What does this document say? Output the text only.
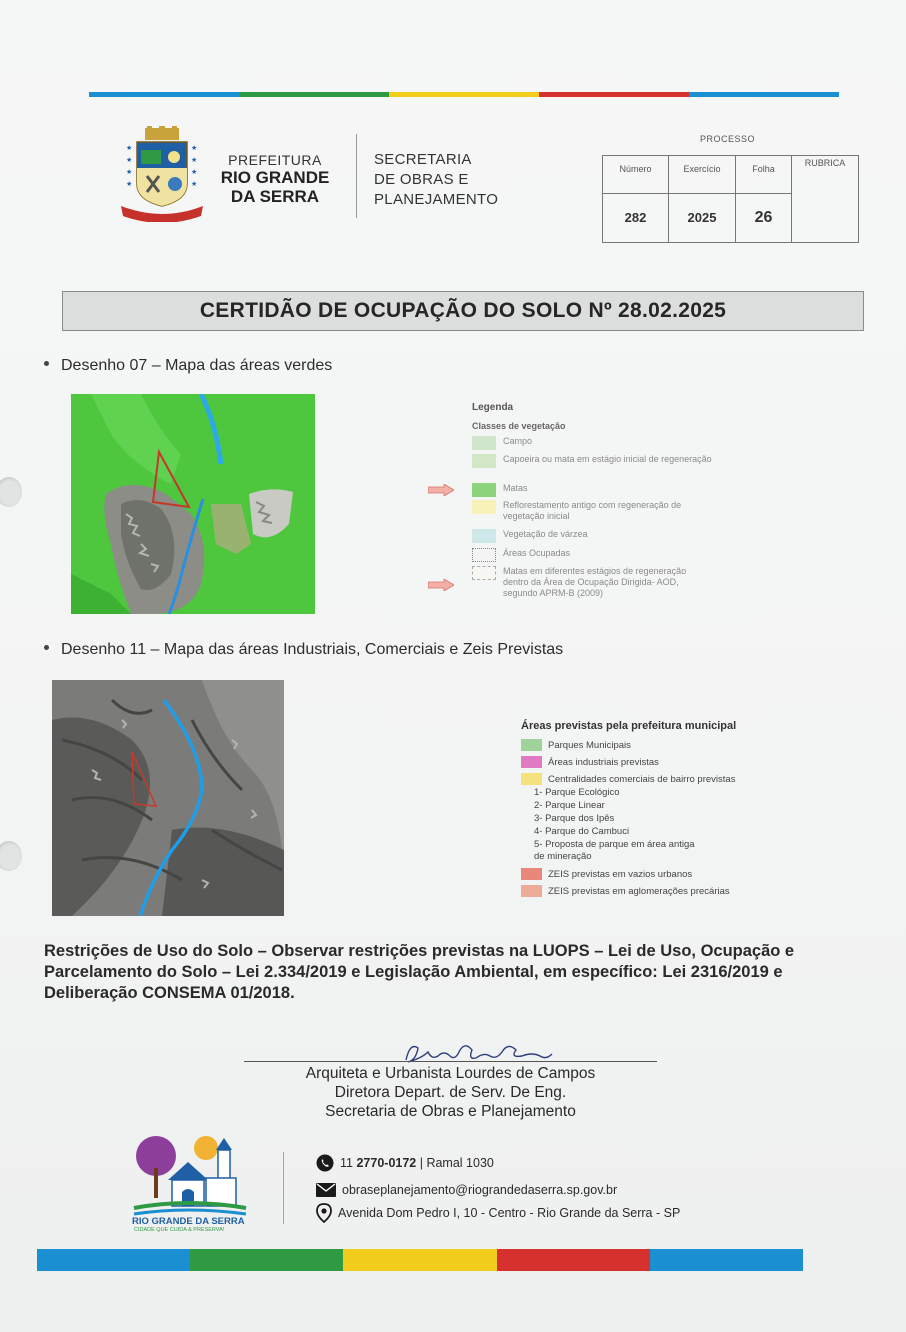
★
★
★
★
★
★
★
★
PREFEITURA
RIO GRANDE
DA SERRA
SECRETARIA
DE OBRAS E
PLANEJAMENTO
PROCESSO
Número	Exercício	Folha	RUBRICA
282	2025	26	
CERTIDÃO DE OCUPAÇÃO DO SOLO Nº 28.02.2025
Desenho 07 – Mapa das áreas verdes
Legenda
Classes de vegetação
Campo
Capoeira ou mata em estágio inicial de regeneração
Matas
Reflorestamento antigo com regeneração de vegetação inicial
Vegetação de várzea
Áreas Ocupadas
Matas em diferentes estágios de regeneração dentro da Área de Ocupação Dirigida- AOD, segundo APRM-B (2009)
Desenho 11 – Mapa das áreas Industriais, Comerciais e Zeis Previstas
Áreas previstas pela prefeitura municipal
Parques Municipais
Áreas industriais previstas
Centralidades comerciais de bairro previstas
1- Parque Ecológico
2- Parque Linear
3- Parque dos Ipês
4- Parque do Cambuci
5- Proposta de parque em área antiga
de mineração
ZEIS previstas em vazios urbanos
ZEIS previstas em aglomerações precárias
Restrições de Uso do Solo – Observar restrições previstas na LUOPS – Lei de Uso, Ocupação e Parcelamento do Solo – Lei 2.334/2019 e Legislação Ambiental, em específico: Lei 2316/2019 e Deliberação CONSEMA 01/2018.
Arquiteta e Urbanista Lourdes de Campos
Diretora Depart. de Serv. De Eng.
Secretaria de Obras e Planejamento
RIO GRANDE DA SERRA
CIDADE QUE CUIDA & PRESERVA!
11
2770-0172
| Ramal 1030
obraseplanejamento@riograndedaserra.sp.gov.br
Avenida Dom Pedro I, 10 - Centro - Rio Grande da Serra - SP
